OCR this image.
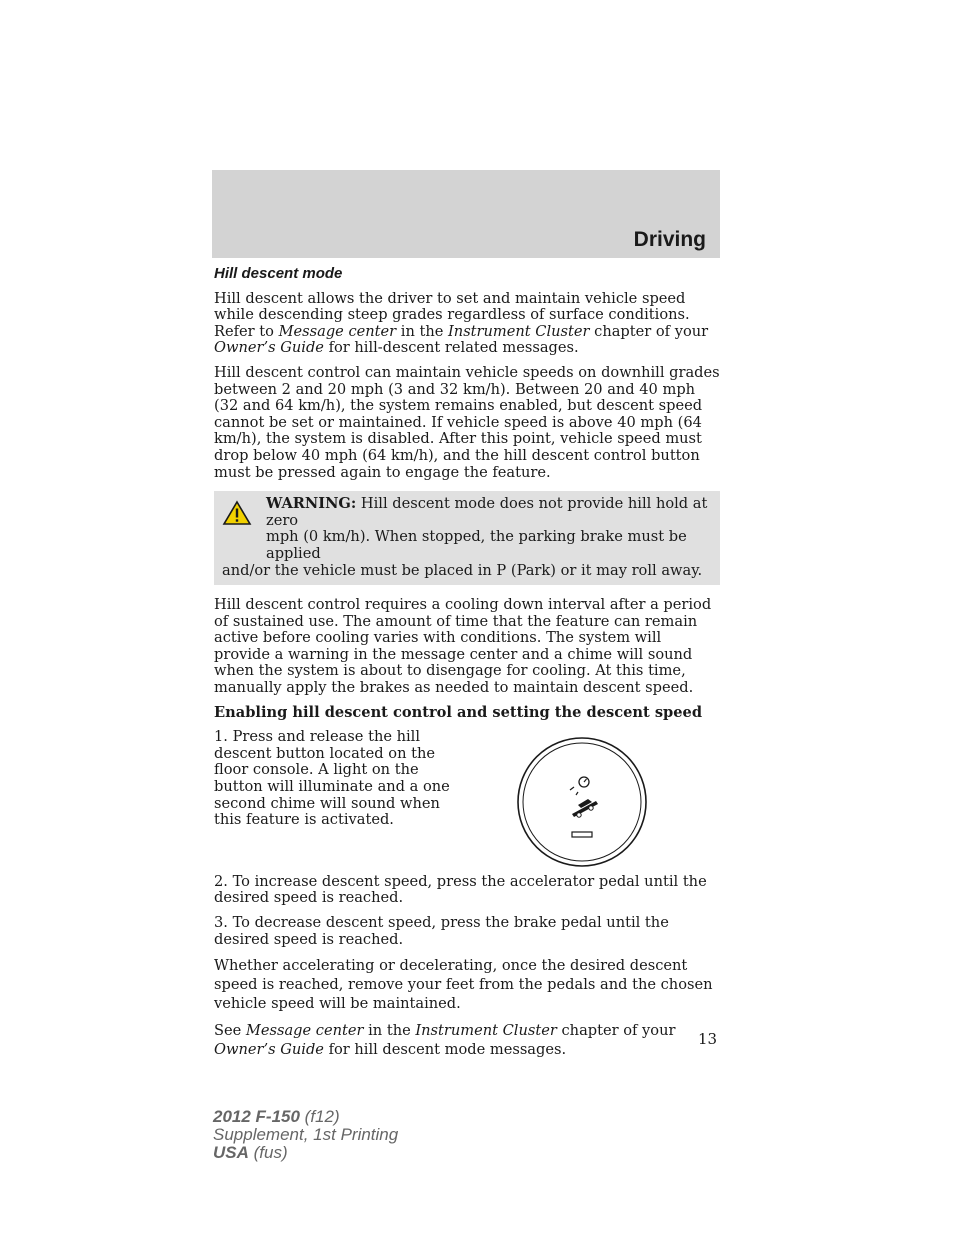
Driving
Hill descent mode

Hill descent allows the driver to set and maintain vehicle speed while descending steep grades regardless of surface conditions. Refer to Message center in the Instrument Cluster chapter of your Owner’s Guide for hill-descent related messages.

Hill descent control can maintain vehicle speeds on downhill grades between 2 and 20 mph (3 and 32 km/h). Between 20 and 40 mph (32 and 64 km/h), the system remains enabled, but descent speed cannot be set or maintained. If vehicle speed is above 40 mph (64 km/h), the system is disabled. After this point, vehicle speed must drop below 40 mph (64 km/h), and the hill descent control button must be pressed again to engage the feature.

WARNING: Hill descent mode does not provide hill hold at zero
mph (0 km/h). When stopped, the parking brake must be applied
and/or the vehicle must be placed in P (Park) or it may roll away.

Hill descent control requires a cooling down interval after a period of sustained use. The amount of time that the feature can remain active before cooling varies with conditions. The system will provide a warning in the message center and a chime will sound when the system is about to disengage for cooling. At this time, manually apply the brakes as needed to maintain descent speed.

Enabling hill descent control and setting the descent speed

1. Press and release the hill descent button located on the floor console. A light on the button will illuminate and a one second chime will sound when this feature is activated.

2. To increase descent speed, press the accelerator pedal until the desired speed is reached.

3. To decrease descent speed, press the brake pedal until the desired speed is reached.

Whether accelerating or decelerating, once the desired descent speed is reached, remove your feet from the pedals and the chosen vehicle speed will be maintained.

See Message center in the Instrument Cluster chapter of your Owner’s Guide for hill descent mode messages.

13
2012 F-150 (f12)
Supplement, 1st Printing
USA (fus)
